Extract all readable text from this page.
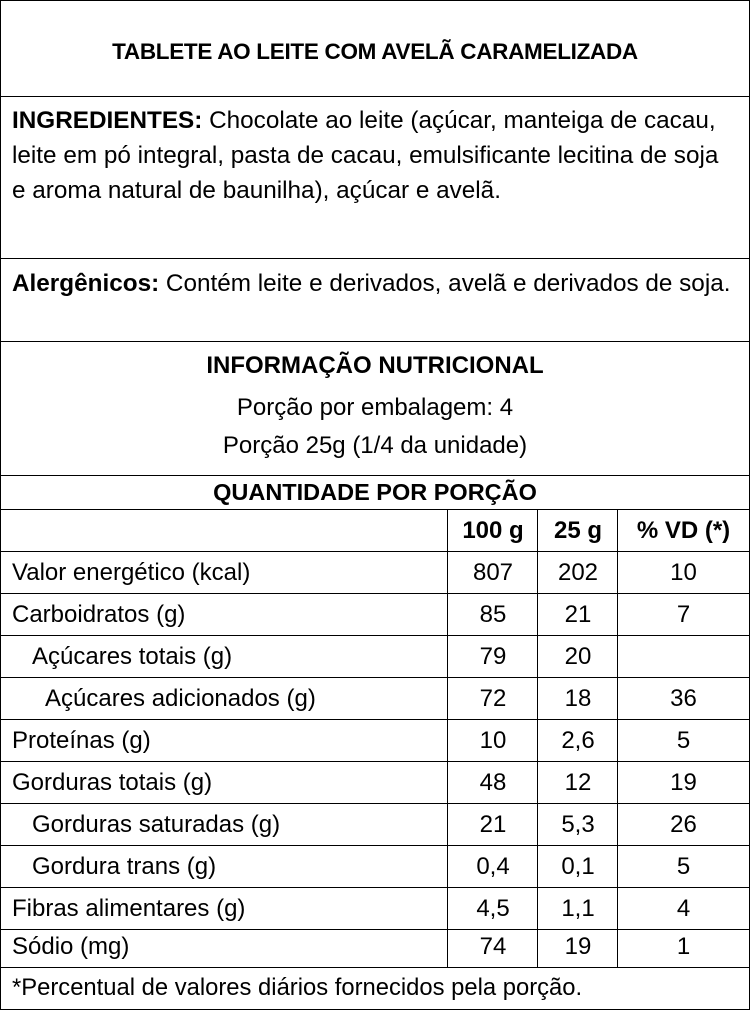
TABLETE AO LEITE COM AVELÃ CARAMELIZADA
INGREDIENTES: Chocolate ao leite (açúcar, manteiga de cacau, leite em pó integral, pasta de cacau, emulsificante lecitina de soja e aroma natural de baunilha), açúcar e avelã.
Alergênicos: Contém leite e derivados, avelã e derivados de soja.
INFORMAÇÃO NUTRICIONAL
Porção por embalagem: 4
Porção 25g (1/4 da unidade)
QUANTIDADE POR PORÇÃO
100 g	25 g	% VD (*)
Valor energético (kcal)	807	202	10
Carboidratos (g)	85	21	7
Açúcares totais (g)	79	20
Açúcares adicionados (g)	72	18	36
Proteínas (g)	10	2,6	5
Gorduras totais (g)	48	12	19
Gorduras saturadas (g)	21	5,3	26
Gordura trans (g)	0,4	0,1	5
Fibras alimentares (g)	4,5	1,1	4
Sódio (mg)	74	19	1
*Percentual de valores diários fornecidos pela porção.
